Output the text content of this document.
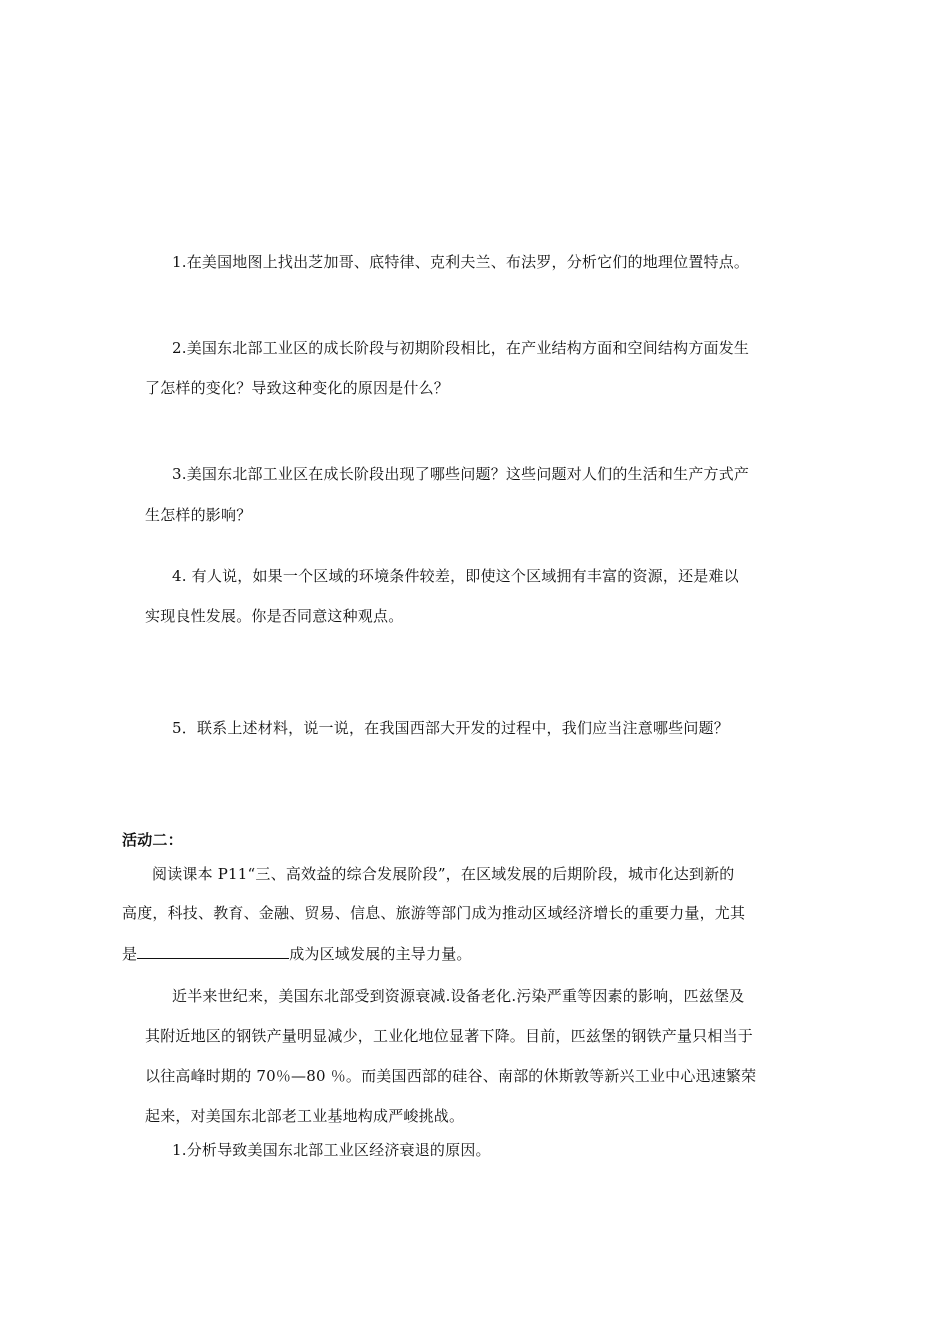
1.在美国地图上找出芝加哥、底特律、克利夫兰、布法罗，分析它们的地理位置特点。
2.美国东北部工业区的成长阶段与初期阶段相比，在产业结构方面和空间结构方面发生
了怎样的变化？导致这种变化的原因是什么？
3.美国东北部工业区在成长阶段出现了哪些问题？这些问题对人们的生活和生产方式产
生怎样的影响？
4. 有人说，如果一个区域的环境条件较差，即使这个区域拥有丰富的资源，还是难以
实现良性发展。你是否同意这种观点。
5．联系上述材料，说一说，在我国西部大开发的过程中，我们应当注意哪些问题？
活动二：
阅读课本 P11“三、高效益的综合发展阶段”，在区域发展的后期阶段，城市化达到新的
高度，科技、教育、金融、贸易、信息、旅游等部门成为推动区域经济增长的重要力量，尤其
是	成为区域发展的主导力量。
近半来世纪来，美国东北部受到资源衰减.设备老化.污染严重等因素的影响，匹兹堡及
其附近地区的钢铁产量明显减少，工业化地位显著下降。目前，匹兹堡的钢铁产量只相当于
以往高峰时期的 70％—80 ％。而美国西部的硅谷、南部的休斯敦等新兴工业中心迅速繁荣
起来，对美国东北部老工业基地构成严峻挑战。
1.分析导致美国东北部工业区经济衰退的原因。
